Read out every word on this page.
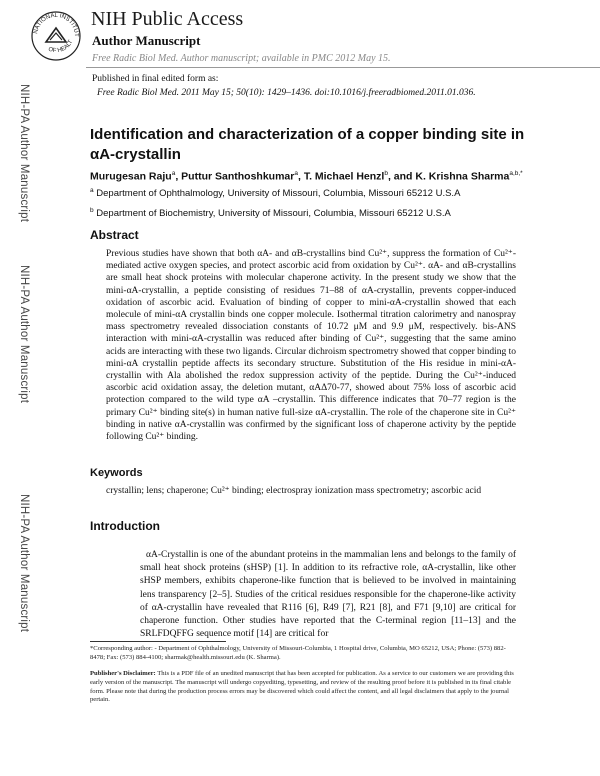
NIH-PA Author Manuscript
NIH-PA Author Manuscript
NIH-PA Author Manuscript
NATIONAL INSTITUT
OF HEALT
NIH Public Access
Author Manuscript
Free Radic Biol Med. Author manuscript; available in PMC 2012 May 15.
Published in final edited form as:
Free Radic Biol Med. 2011 May 15; 50(10): 1429–1436. doi:10.1016/j.freeradbiomed.2011.01.036.
Identification and characterization of a copper binding site in αA-crystallin
Murugesan Raju$^a$, Puttur Santhoshkumar$^a$, T. Michael Henzl$^b$, and K. Krishna Sharma$^{a,b,*}$
$^a$ Department of Ophthalmology, University of Missouri, Columbia, Missouri 65212 U.S.A
$^b$ Department of Biochemistry, University of Missouri, Columbia, Missouri 65212 U.S.A
Abstract
Previous studies have shown that both αA- and αB-crystallins bind Cu²⁺, suppress the formation of Cu²⁺-mediated active oxygen species, and protect ascorbic acid from oxidation by Cu²⁺. αA- and αB-crystallins are small heat shock proteins with molecular chaperone activity. In the present study we show that the mini-αA-crystallin, a peptide consisting of residues 71–88 of αA-crystallin, prevents copper-induced oxidation of ascorbic acid. Evaluation of binding of copper to mini-αA-crystallin showed that each molecule of mini-αA crystallin binds one copper molecule. Isothermal titration calorimetry and nanospray mass spectrometry revealed dissociation constants of 10.72 μM and 9.9 μM, respectively. bis-ANS interaction with mini-αA-crystallin was reduced after binding of Cu²⁺, suggesting that the same amino acids are interacting with these two ligands. Circular dichroism spectrometry showed that copper binding to mini-αA crystallin peptide affects its secondary structure. Substitution of the His residue in mini-αA-crystallin with Ala abolished the redox suppression activity of the peptide. During the Cu²⁺-induced ascorbic acid oxidation assay, the deletion mutant, αAΔ70-77, showed about 75% loss of ascorbic acid protection compared to the wild type αA –crystallin. This difference indicates that 70–77 region is the primary Cu²⁺ binding site(s) in human native full-size αA-crystallin. The role of the chaperone site in Cu²⁺ binding in native αA-crystallin was confirmed by the significant loss of chaperone activity by the peptide following Cu²⁺ binding.
Keywords
crystallin; lens; chaperone; Cu²⁺ binding; electrospray ionization mass spectrometry; ascorbic acid
Introduction
αA-Crystallin is one of the abundant proteins in the mammalian lens and belongs to the family of small heat shock proteins (sHSP) [1]. In addition to its refractive role, αA-crystallin, like other sHSP members, exhibits chaperone-like function that is believed to be involved in maintaining lens transparency [2–5]. Studies of the critical residues responsible for the chaperone-like activity of αA-crystallin have revealed that R116 [6], R49 [7], R21 [8], and F71 [9,10] are critical for chaperone function. Other studies have reported that the C-terminal region [11–13] and the SRLFDQFFG sequence motif [14] are critical for
*Corresponding author: - Department of Ophthalmology, University of Missouri-Columbia, 1 Hospital drive, Columbia, MO 65212, USA; Phone: (573) 882-8478; Fax: (573) 884-4100; sharmak@health.missouri.edu (K. Sharma).
Publisher's Disclaimer: This is a PDF file of an unedited manuscript that has been accepted for publication. As a service to our customers we are providing this early version of the manuscript. The manuscript will undergo copyediting, typesetting, and review of the resulting proof before it is published in its final citable form. Please note that during the production process errors may be discovered which could affect the content, and all legal disclaimers that apply to the journal pertain.
